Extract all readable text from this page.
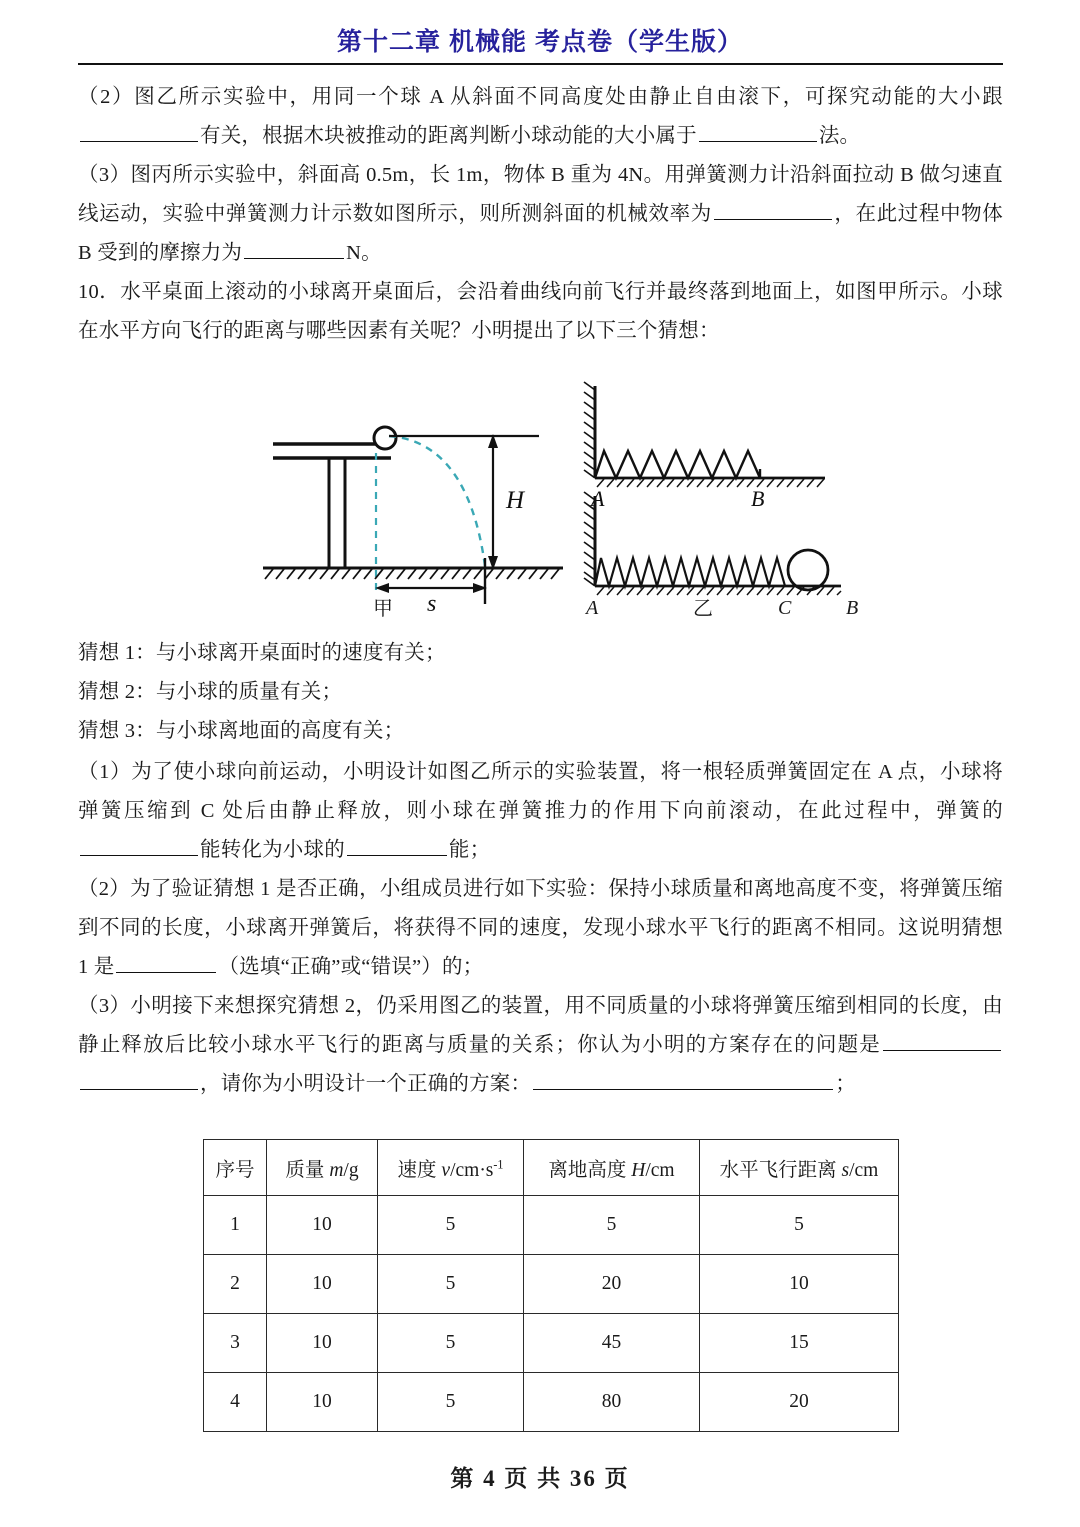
第十二章 机械能 考点卷（学生版）

（2）图乙所示实验中，用同一个球 A 从斜面不同高度处由静止自由滚下，可探究动能的大小跟有关，根据木块被推动的距离判断小球动能的大小属于	法。

（3）图丙所示实验中，斜面高 0.5m，长 1m，物体 B 重为 4N。用弹簧测力计沿斜面拉动 B 做匀速直线运动，实验中弹簧测力计示数如图所示，则所测斜面的机械效率为	，在此过程中物体 B 受到的摩擦力为	N。

10．水平桌面上滚动的小球离开桌面后，会沿着曲线向前飞行并最终落到地面上，如图甲所示。小球在水平方向飞行的距离与哪些因素有关呢？小明提出了以下三个猜想：

H
s
甲
A	B
A	C	B
乙

猜想 1：与小球离开桌面时的速度有关；

猜想 2：与小球的质量有关；

猜想 3：与小球离地面的高度有关；

（1）为了使小球向前运动，小明设计如图乙所示的实验装置，将一根轻质弹簧固定在 A 点，小球将弹簧压缩到 C 处后由静止释放，则小球在弹簧推力的作用下向前滚动，在此过程中，弹簧的能转化为小球的	能；

（2）为了验证猜想 1 是否正确，小组成员进行如下实验：保持小球质量和离地高度不变，将弹簧压缩到不同的长度，小球离开弹簧后，将获得不同的速度，发现小球水平飞行的距离不相同。这说明猜想 1 是	（选填“正确”或“错误”）的；

（3）小明接下来想探究猜想 2，仍采用图乙的装置，用不同质量的小球将弹簧压缩到相同的长度，由静止释放后比较小球水平飞行的距离与质量的关系；你认为小明的方案存在的问题是，请你为小明设计一个正确的方案：	；

序号	质量 m/g	速度 $v/cm\cdot s^{-1}$	离地高度 H/cm	水平飞行距离 s/cm
1	10	5	5	5
2	10	5	20	10
3	10	5	45	15
4	10	5	80	20
第 4 页 共 36 页
